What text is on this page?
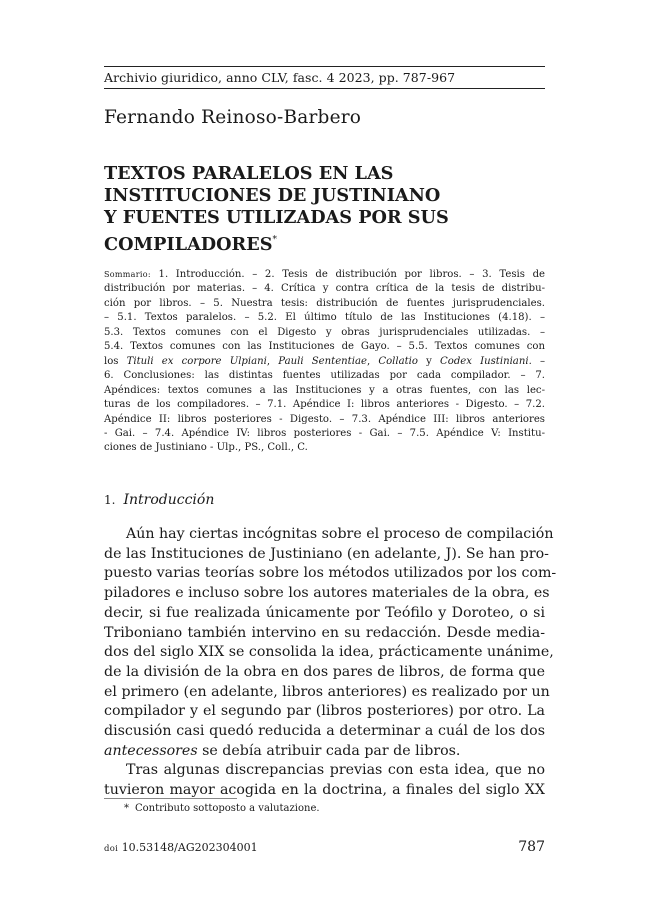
Archivio giuridico, anno CLV, fasc. 4 2023, pp. 787-967
Fernando Reinoso-Barbero
TEXTOS PARALELOS EN LAS
INSTITUCIONES DE JUSTINIANO
Y FUENTES UTILIZADAS POR SUS
COMPILADORES*
Sommario: 1. Introducción. – 2. Tesis de distribución por libros. – 3. Tesis de
distribución por materias. – 4. Crítica y contra crítica de la tesis de distribu-
ción por libros. – 5. Nuestra tesis: distribución de fuentes jurisprudenciales.
– 5.1. Textos paralelos. – 5.2. El último título de las Instituciones (4.18). –
5.3. Textos comunes con el Digesto y obras jurisprudenciales utilizadas. –
5.4. Textos comunes con las Instituciones de Gayo. – 5.5. Textos comunes con
los Tituli ex corpore Ulpiani, Pauli Sententiae, Collatio y Codex Iustiniani. –
6. Conclusiones: las distintas fuentes utilizadas por cada compilador. – 7.
Apéndices: textos comunes a las Instituciones y a otras fuentes, con las lec-
turas de los compiladores. – 7.1. Apéndice I: libros anteriores - Digesto. – 7.2.
Apéndice II: libros posteriores - Digesto. – 7.3. Apéndice III: libros anteriores
- Gai. – 7.4. Apéndice IV: libros posteriores - Gai. – 7.5. Apéndice V: Institu-
ciones de Justiniano - Ulp., PS., Coll., C.
1. Introducción
Aún hay ciertas incógnitas sobre el proceso de compilación
de las Instituciones de Justiniano (en adelante, J). Se han pro-
puesto varias teorías sobre los métodos utilizados por los com-
piladores e incluso sobre los autores materiales de la obra, es
decir, si fue realizada únicamente por Teófilo y Doroteo, o si
Triboniano también intervino en su redacción. Desde media-
dos del siglo XIX se consolida la idea, prácticamente unánime,
de la división de la obra en dos pares de libros, de forma que
el primero (en adelante, libros anteriores) es realizado por un
compilador y el segundo par (libros posteriores) por otro. La
discusión casi quedó reducida a determinar a cuál de los dos
antecessores se debía atribuir cada par de libros.
Tras algunas discrepancias previas con esta idea, que no
tuvieron mayor acogida en la doctrina, a finales del siglo XX
* Contributo sottoposto a valutazione.
doi 10.53148/AG202304001	787
